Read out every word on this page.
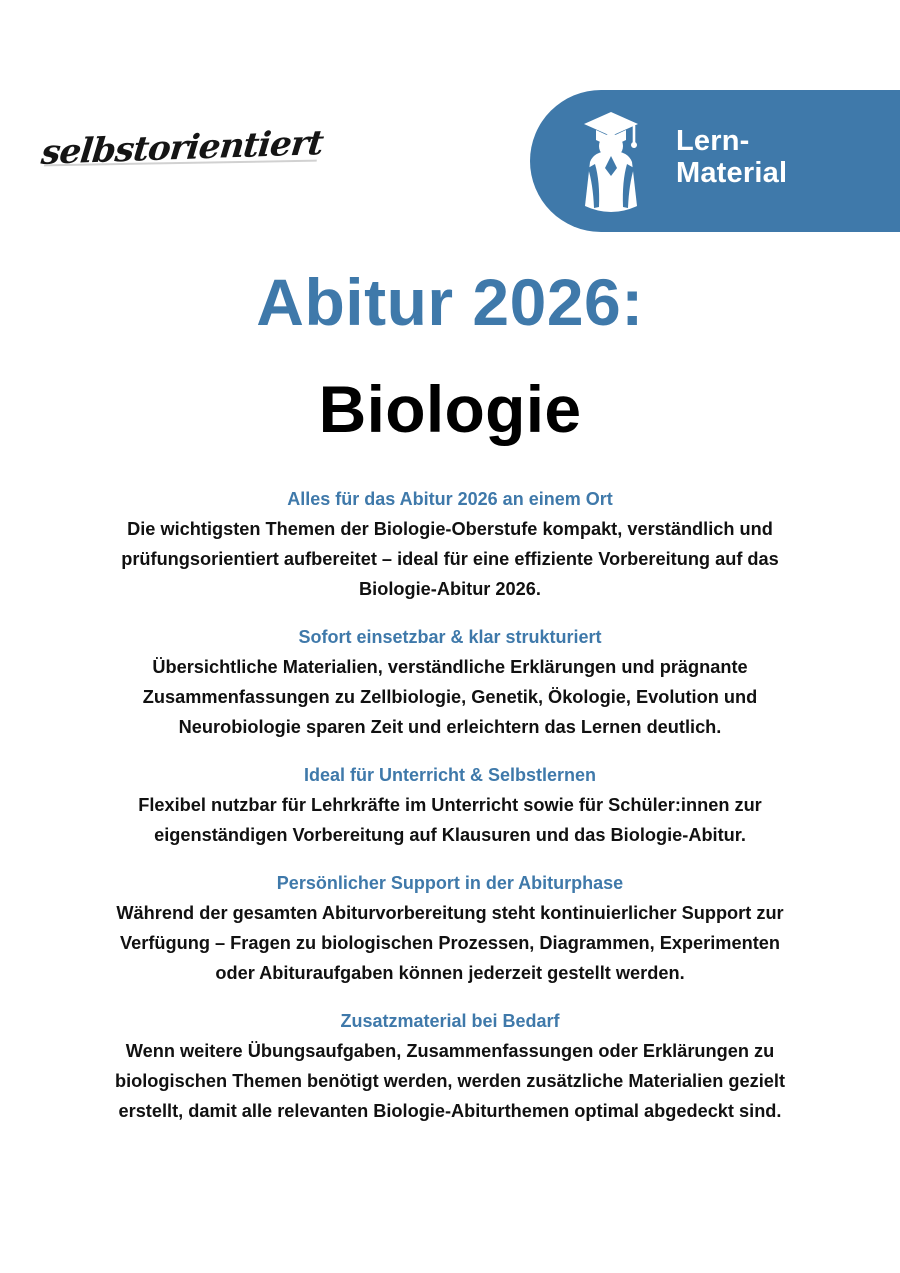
selbstorientiert	Lern-
Material
Abitur 2026:
Biologie
Alles für das Abitur 2026 an einem Ort
Die wichtigsten Themen der Biologie-Oberstufe kompakt, verständlich und
prüfungsorientiert aufbereitet – ideal für eine effiziente Vorbereitung auf das
Biologie-Abitur 2026.
Sofort einsetzbar & klar strukturiert
Übersichtliche Materialien, verständliche Erklärungen und prägnante
Zusammenfassungen zu Zellbiologie, Genetik, Ökologie, Evolution und
Neurobiologie sparen Zeit und erleichtern das Lernen deutlich.
Ideal für Unterricht & Selbstlernen
Flexibel nutzbar für Lehrkräfte im Unterricht sowie für Schüler:innen zur
eigenständigen Vorbereitung auf Klausuren und das Biologie-Abitur.
Persönlicher Support in der Abiturphase
Während der gesamten Abiturvorbereitung steht kontinuierlicher Support zur
Verfügung – Fragen zu biologischen Prozessen, Diagrammen, Experimenten
oder Abituraufgaben können jederzeit gestellt werden.
Zusatzmaterial bei Bedarf
Wenn weitere Übungsaufgaben, Zusammenfassungen oder Erklärungen zu
biologischen Themen benötigt werden, werden zusätzliche Materialien gezielt
erstellt, damit alle relevanten Biologie-Abiturthemen optimal abgedeckt sind.
